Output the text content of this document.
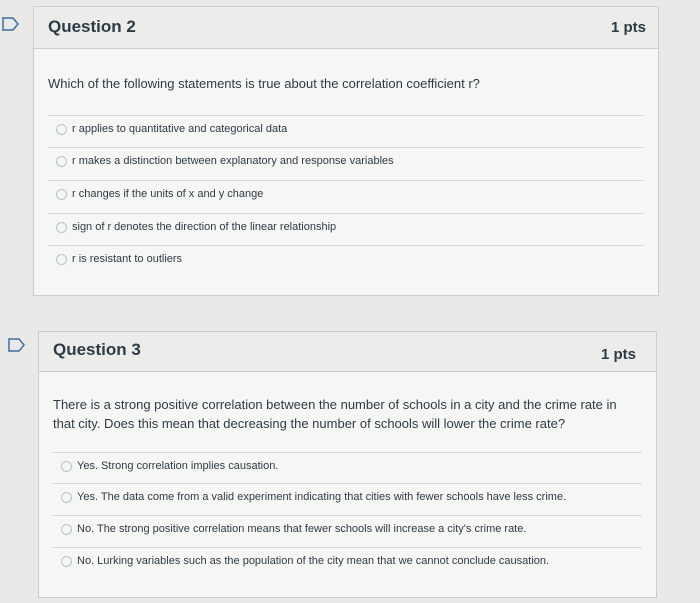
Question 2	1 pts
Which of the following statements is true about the correlation coefficient r?
r applies to quantitative and categorical data
r makes a distinction between explanatory and response variables
r changes if the units of x and y change
sign of r denotes the direction of the linear relationship
r is resistant to outliers
Question 3	1 pts
There is a strong positive correlation between the number of schools in a city and the crime rate in that city. Does this mean that decreasing the number of schools will lower the crime rate?
Yes. Strong correlation implies causation.
Yes. The data come from a valid experiment indicating that cities with fewer schools have less crime.
No. The strong positive correlation means that fewer schools will increase a city's crime rate.
No. Lurking variables such as the population of the city mean that we cannot conclude causation.
